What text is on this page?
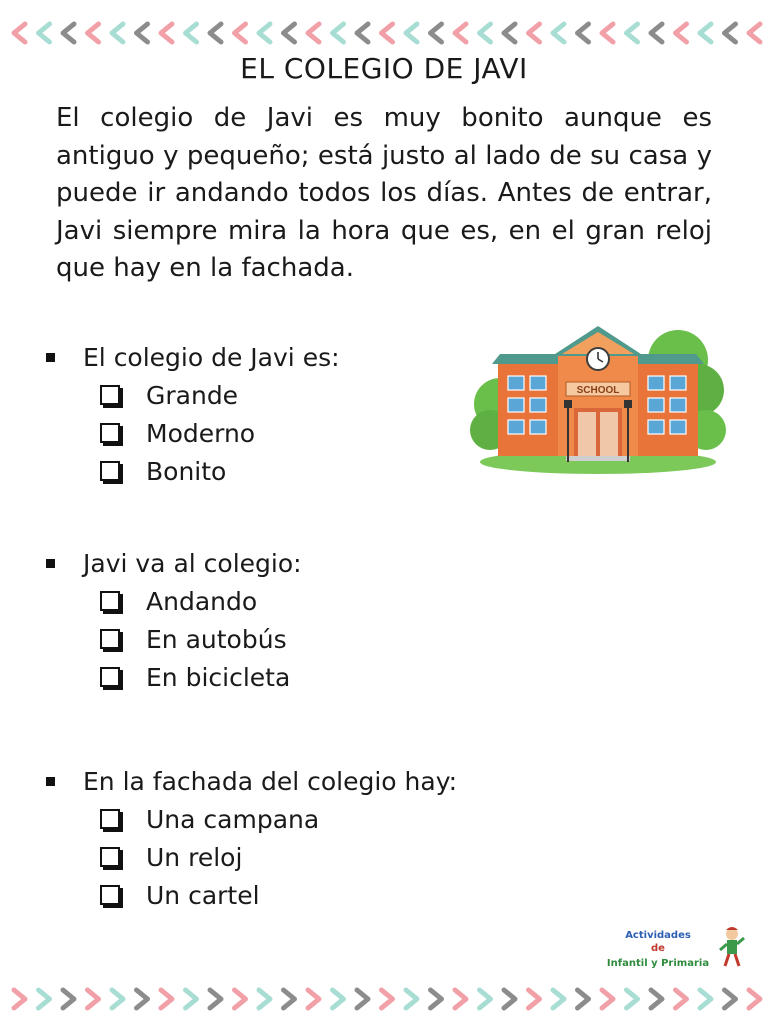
EL COLEGIO DE JAVI

El colegio de Javi es muy bonito aunque es antiguo y pequeño; está justo al lado de su casa y puede ir andando todos los días. Antes de entrar, Javi siempre mira la hora que es, en el gran reloj que hay en la fachada.

El colegio de Javi es:
Grande
Moderno
Bonito
Javi va al colegio:
Andando
En autobús
En bicicleta
En la fachada del colegio hay:
Una campana
Un reloj
Un cartel
SCHOOL
Actividades
de
Infantil y Primaria
